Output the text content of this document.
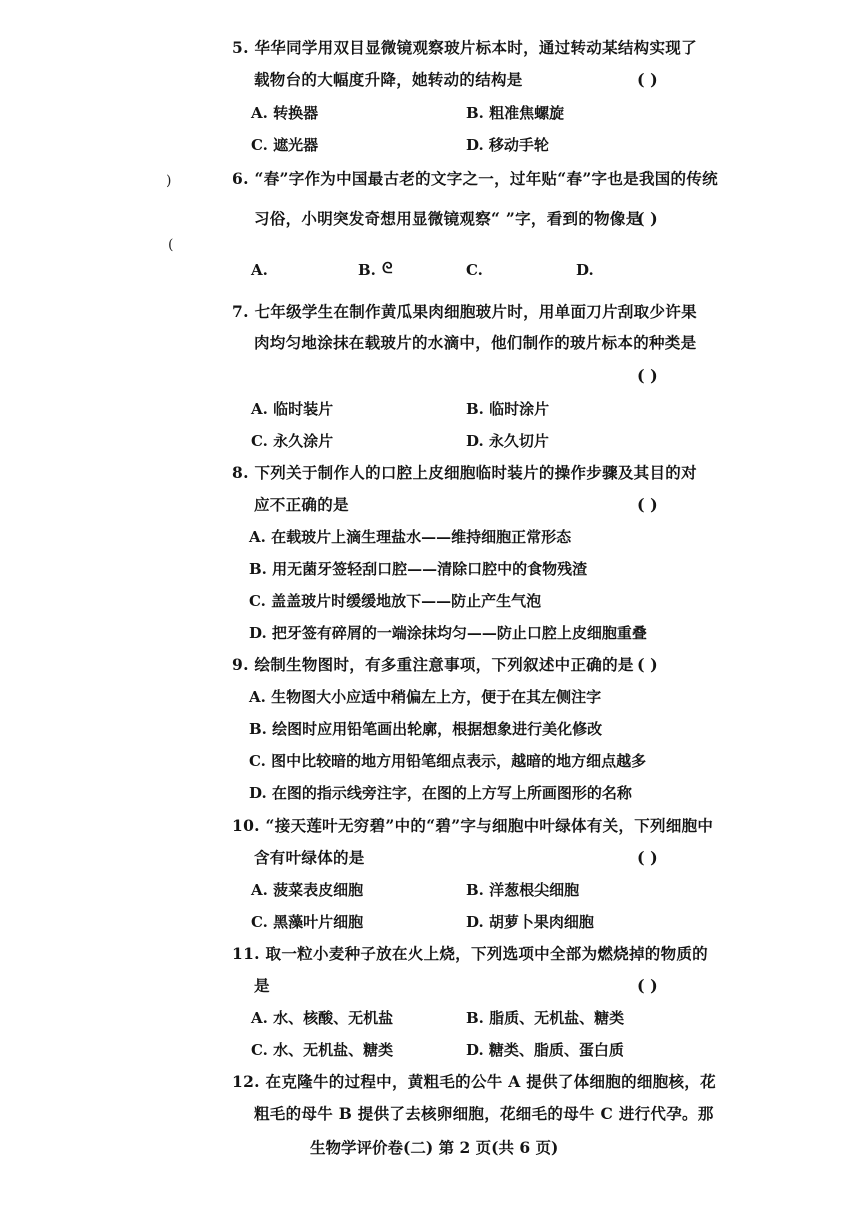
)
(
5. 华华同学用双目显微镜观察玻片标本时，通过转动某结构实现了
载物台的大幅度升降，她转动的结构是	( )
A. 转换器	B. 粗准焦螺旋
C. 遮光器	D. 移动手轮
6. “春”字作为中国最古老的文字之一，过年贴“春”字也是我国的传统
习俗，小明突发奇想用显微镜观察“ ”字，看到的物像是
( )
A.	B. ᘓ	C.	D.
7. 七年级学生在制作黄瓜果肉细胞玻片时，用单面刀片刮取少许果
肉均匀地涂抹在载玻片的水滴中，他们制作的玻片标本的种类是
( )
A. 临时装片	B. 临时涂片
C. 永久涂片	D. 永久切片
8. 下列关于制作人的口腔上皮细胞临时装片的操作步骤及其目的对
应不正确的是	( )
A. 在载玻片上滴生理盐水——维持细胞正常形态
B. 用无菌牙签轻刮口腔——清除口腔中的食物残渣
C. 盖盖玻片时缓缓地放下——防止产生气泡
D. 把牙签有碎屑的一端涂抹均匀——防止口腔上皮细胞重叠
9. 绘制生物图时，有多重注意事项，下列叙述中正确的是 ( )
A. 生物图大小应适中稍偏左上方，便于在其左侧注字
B. 绘图时应用铅笔画出轮廓，根据想象进行美化修改
C. 图中比较暗的地方用铅笔细点表示，越暗的地方细点越多
D. 在图的指示线旁注字，在图的上方写上所画图形的名称
10. “接天莲叶无穷碧”中的“碧”字与细胞中叶绿体有关，下列细胞中
含有叶绿体的是	( )
A. 菠菜表皮细胞	B. 洋葱根尖细胞
C. 黑藻叶片细胞	D. 胡萝卜果肉细胞
11. 取一粒小麦种子放在火上烧，下列选项中全部为燃烧掉的物质的
是	( )
A. 水、核酸、无机盐	B. 脂质、无机盐、糖类
C. 水、无机盐、糖类	D. 糖类、脂质、蛋白质
12. 在克隆牛的过程中，黄粗毛的公牛 A 提供了体细胞的细胞核，花
粗毛的母牛 B 提供了去核卵细胞，花细毛的母牛 C 进行代孕。那
生物学评价卷(二) 第 2 页(共 6 页)
